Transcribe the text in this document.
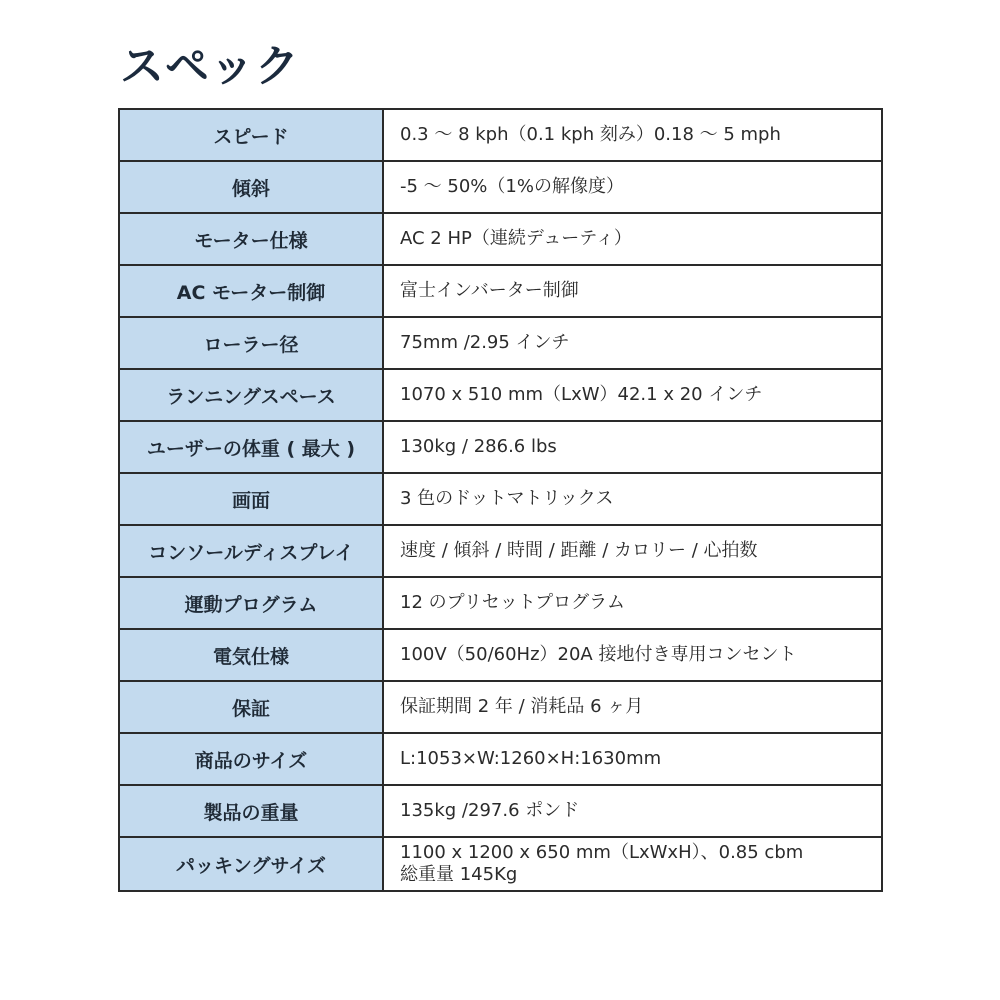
スペック
スピード	0.3 〜 8 kph（0.1 kph 刻み）0.18 〜 5 mph
傾斜	-5 〜 50%（1%の解像度）
モーター仕様	AC 2 HP（連続デューティ）
AC モーター制御	富士インバーター制御
ローラー径	75mm /2.95 インチ
ランニングスペース	1070 x 510 mm（LxW）42.1 x 20 インチ
ユーザーの体重 ( 最大 )	130kg / 286.6 lbs
画面	3 色のドットマトリックス
コンソールディスプレイ	速度 / 傾斜 / 時間 / 距離 / カロリー / 心拍数
運動プログラム	12 のプリセットプログラム
電気仕様	100V（50/60Hz）20A 接地付き専用コンセント
保証	保証期間 2 年 / 消耗品 6 ヶ月
商品のサイズ	L:1053×W:1260×H:1630mm
製品の重量	135kg /297.6 ポンド
パッキングサイズ	1100 x 1200 x 650 mm（LxWxH）、0.85 cbm
総重量 145Kg
